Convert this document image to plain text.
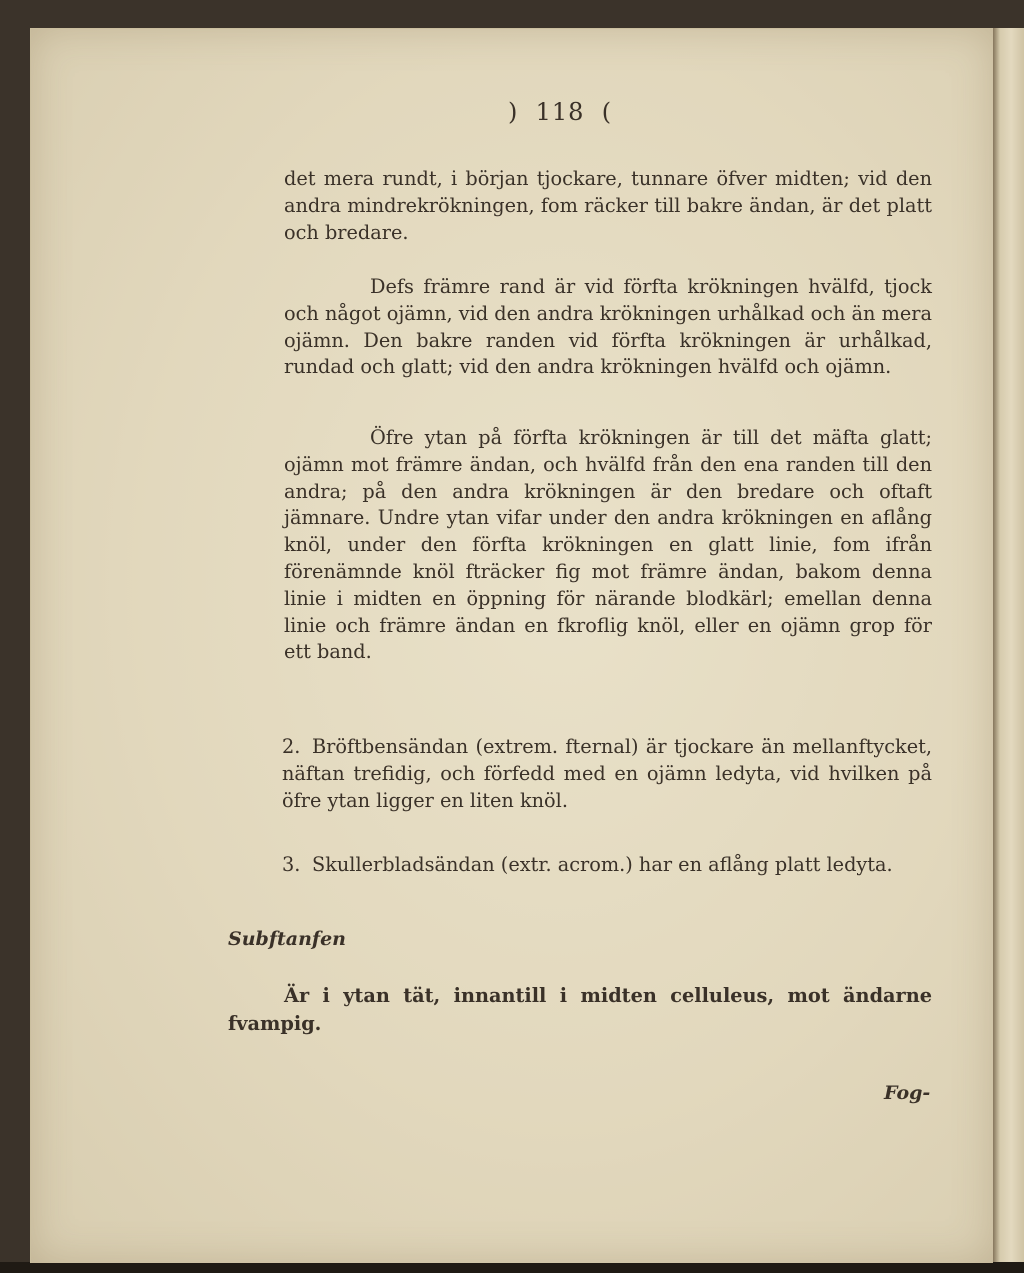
)  118  (

det mera rundt, i början tjockare, tunnare öfver midten; vid den andra mindrekrökningen, fom räcker till bakre ändan, är det platt och bredare.

Defs främre rand är vid förfta krökningen hvälfd, tjock och något ojämn, vid den andra krökningen urhålkad och än mera ojämn. Den bakre randen vid förfta krökningen är urhålkad, rundad och glatt; vid den andra krökningen hvälfd och ojämn.

Öfre ytan på förfta krökningen är till det mäfta glatt; ojämn mot främre ändan, och hvälfd från den ena randen till den andra; på den andra krökningen är den bredare och oftaft jämnare. Undre ytan vifar under den andra krökningen en aflång knöl, under den förfta krökningen en glatt linie, fom ifrån förenämnde knöl fträcker fig mot främre ändan, bakom denna linie i midten en öppning för närande blodkärl; emellan denna linie och främre ändan en fkroflig knöl, eller en ojämn grop för ett band.

2. Bröftbensändan (extrem. fternal) är tjockare än mellanftycket, näftan trefidig, och förfedd med en ojämn ledyta, vid hvilken på öfre ytan ligger en liten knöl.

3. Skullerbladsändan (extr. acrom.) har en aflång platt ledyta.

Subftanfen

Är i ytan tät, innantill i midten celluleus, mot ändarne fvampig.

Fog-
